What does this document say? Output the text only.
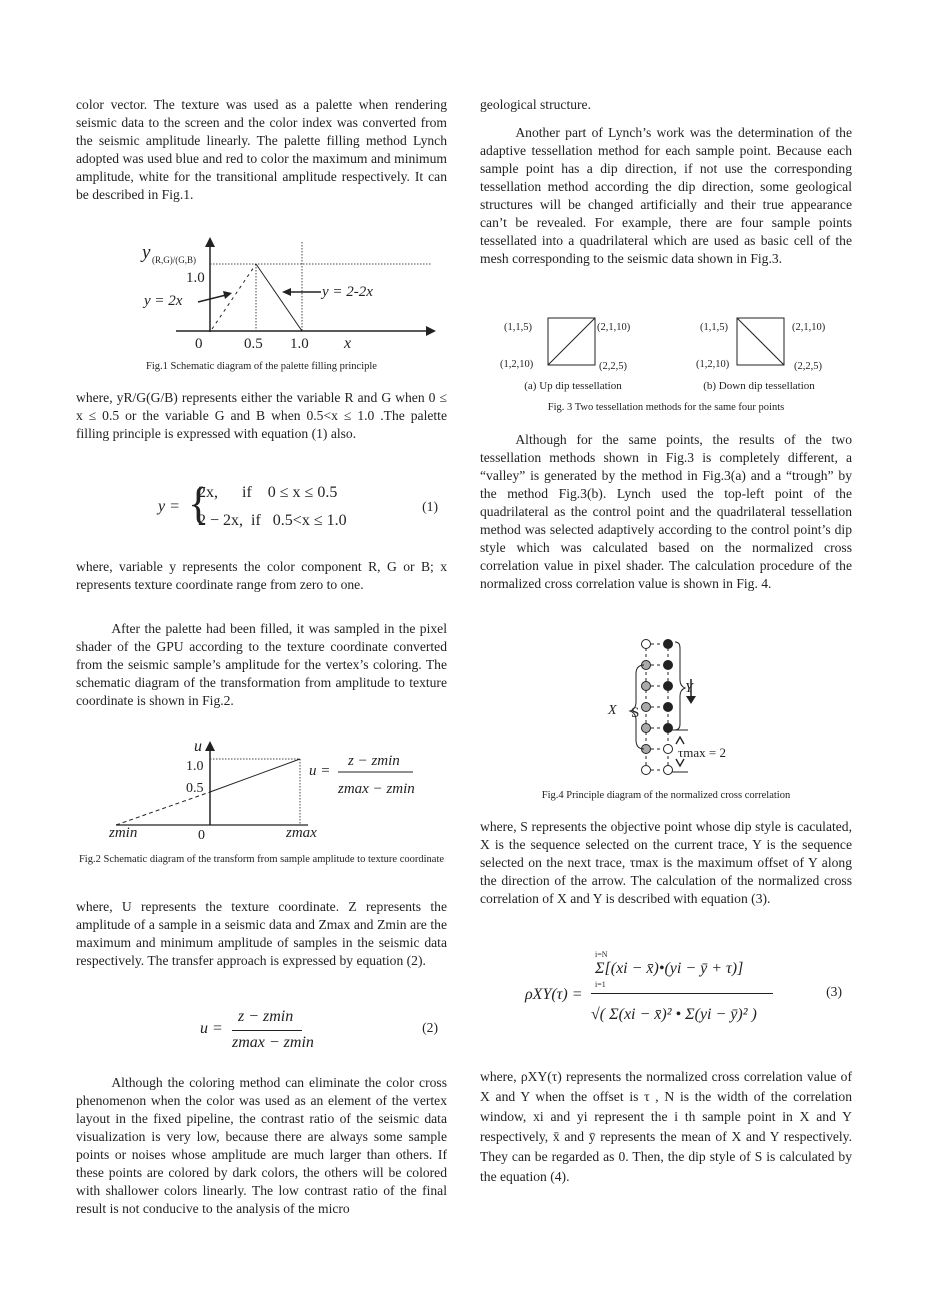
color vector. The texture was used as a palette when rendering seismic data to the screen and the color index was converted from the seismic amplitude linearly. The palette filling method Lynch adopted was used blue and red to color the maximum and minimum amplitude, white for the transitional amplitude respectively. It can be described in Fig.1.
y (R,G)/(G,B)
1.0
y = 2x
y = 2-2x
0	0.5 1.0 x
Fig.1 Schematic diagram of the palette filling principle
where, yR/G(G/B) represents either the variable R and G when 0 ≤ x ≤ 0.5 or the variable G and B when 0.5<x ≤ 1.0 .The palette filling principle is expressed with equation (1) also.
y = {
2x,      if    0 ≤ x ≤ 0.5
2 − 2x,  if   0.5<x ≤ 1.0
(1)
where, variable y represents the color component R, G or B; x represents texture coordinate range from zero to one.
After the palette had been filled, it was sampled in the pixel shader of the GPU according to the texture coordinate converted from the seismic sample’s amplitude for the vertex’s coloring. The schematic diagram of the transformation from amplitude to texture coordinate is shown in Fig.2.
u
1.0
0.5
zmin	0	zmax
u =
z − zmin
zmax − zmin
Fig.2 Schematic diagram of the transform from sample amplitude to texture coordinate
where, U represents the texture coordinate. Z represents the amplitude of a sample in a seismic data and Zmax and Zmin are the maximum and minimum amplitude of samples in the seismic data respectively. The transfer approach is expressed by equation (2).
u =
z − zmin
zmax − zmin
(2)
Although the coloring method can eliminate the color cross phenomenon when the color was used as an element of the vertex layout in the fixed pipeline, the contrast ratio of the seismic data visualization is very low, because there are always some sample points or noises whose amplitude are much larger than others. If these points are colored by dark colors, the others will be colored with shallower colors linearly. The low contrast ratio of the final result is not conducive to the analysis of the micro
geological structure.
Another part of Lynch’s work was the determination of the adaptive tessellation method for each sample point. Because each sample point has a dip direction, if not use the corresponding tessellation method according the dip direction, some geological structures will be changed artificially and their true appearance can’t be revealed. For example, there are four sample points tessellated into a quadrilateral which are used as basic cell of the mesh corresponding to the seismic data shown in Fig.3.
(1,1,5)	(2,1,10)
(1,2,10)	(2,2,5)
(1,1,5)	(2,1,10)
(1,2,10)	(2,2,5)
(a) Up dip tessellation	(b) Down dip tessellation
Fig. 3 Two tessellation methods for the same four points
Although for the same points, the results of the two tessellation methods shown in Fig.3 is completely different, a “valley” is generated by the method in Fig.3(a) and a “trough” by the method Fig.3(b). Lynch used the top-left point of the quadrilateral as the control point and the quadrilateral tessellation method was selected adaptively according to the control point’s dip style which was calculated based on the normalized cross correlation value in pixel shader. The calculation procedure of the normalized cross correlation value is shown in Fig. 4.
X S
Y
τmax = 2
Fig.4 Principle diagram of the normalized cross correlation
where, S represents the objective point whose dip style is caculated, X is the sequence selected on the current trace, Y is the sequence selected on the next trace, τmax is the maximum offset of Y along the direction of the arrow. The calculation of the normalized cross correlation of X and Y is described with equation (3).
ρXY(τ) =
i=N
Σ[(xi − x̄)•(yi − ȳ + τ)]
i=1
√( Σ(xi − x̄)² • Σ(yi − ȳ)² )
(3)
where, ρXY(τ) represents the normalized cross correlation value of X and Y when the offset is τ , N is the width of the correlation window, xi and yi represent the i th sample point in X and Y respectively, x̄ and ȳ represents the mean of X and Y respectively. They can be regarded as 0. Then, the dip style of S is calculated by the equation (4).
